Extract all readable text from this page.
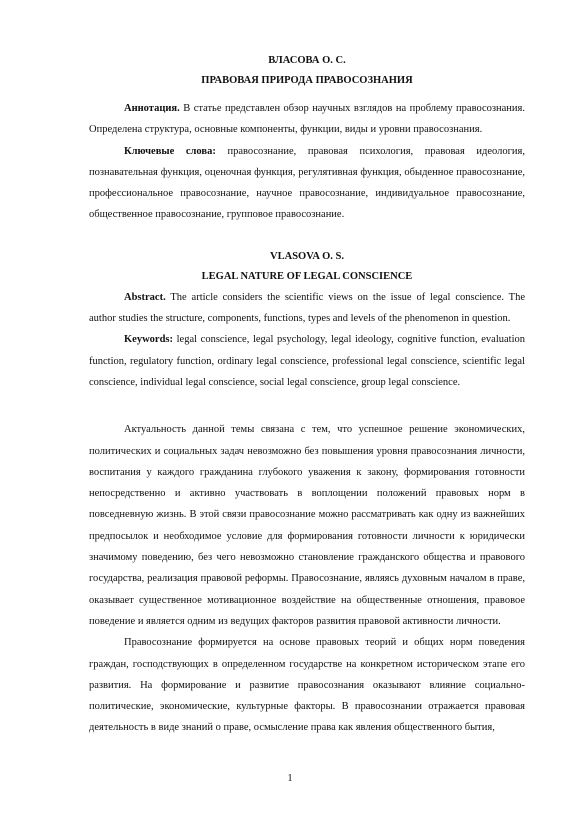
ВЛАСОВА О. С.
ПРАВОВАЯ ПРИРОДА ПРАВОСОЗНАНИЯ

Аннотация. В статье представлен обзор научных взглядов на проблему правосознания. Определена структура, основные компоненты, функции, виды и уровни правосознания.

Ключевые слова: правосознание, правовая психология, правовая идеология, познавательная функция, оценочная функция, регулятивная функция, обыденное правосознание, профессиональное правосознание, научное правосознание, индивидуальное правосознание, общественное правосознание, групповое правосознание.

VLASOVA O. S.
LEGAL NATURE OF LEGAL CONSCIENCE

Abstract. The article considers the scientific views on the issue of legal conscience. The author studies the structure, components, functions, types and levels of the phenomenon in question.

Keywords: legal conscience, legal psychology, legal ideology, cognitive function, evaluation function, regulatory function, ordinary legal conscience, professional legal conscience, scientific legal conscience, individual legal conscience, social legal conscience, group legal conscience.

Актуальность данной темы связана с тем, что успешное решение экономических, политических и социальных задач невозможно без повышения уровня правосознания личности, воспитания у каждого гражданина глубокого уважения к закону, формирования готовности непосредственно и активно участвовать в воплощении положений правовых норм в повседневную жизнь. В этой связи правосознание можно рассматривать как одну из важнейших предпосылок и необходимое условие для формирования готовности личности к юридически значимому поведению, без чего невозможно становление гражданского общества и правового государства, реализация правовой реформы. Правосознание, являясь духовным началом в праве, оказывает существенное мотивационное воздействие на общественные отношения, правовое поведение и является одним из ведущих факторов развития правовой активности личности.

Правосознание формируется на основе правовых теорий и общих норм поведения граждан, господствующих в определенном государстве на конкретном историческом этапе его развития. На формирование и развитие правосознания оказывают влияние социально-политические, экономические, культурные факторы. В правосознании отражается правовая деятельность в виде знаний о праве, осмысление права как явления общественного бытия,

1
